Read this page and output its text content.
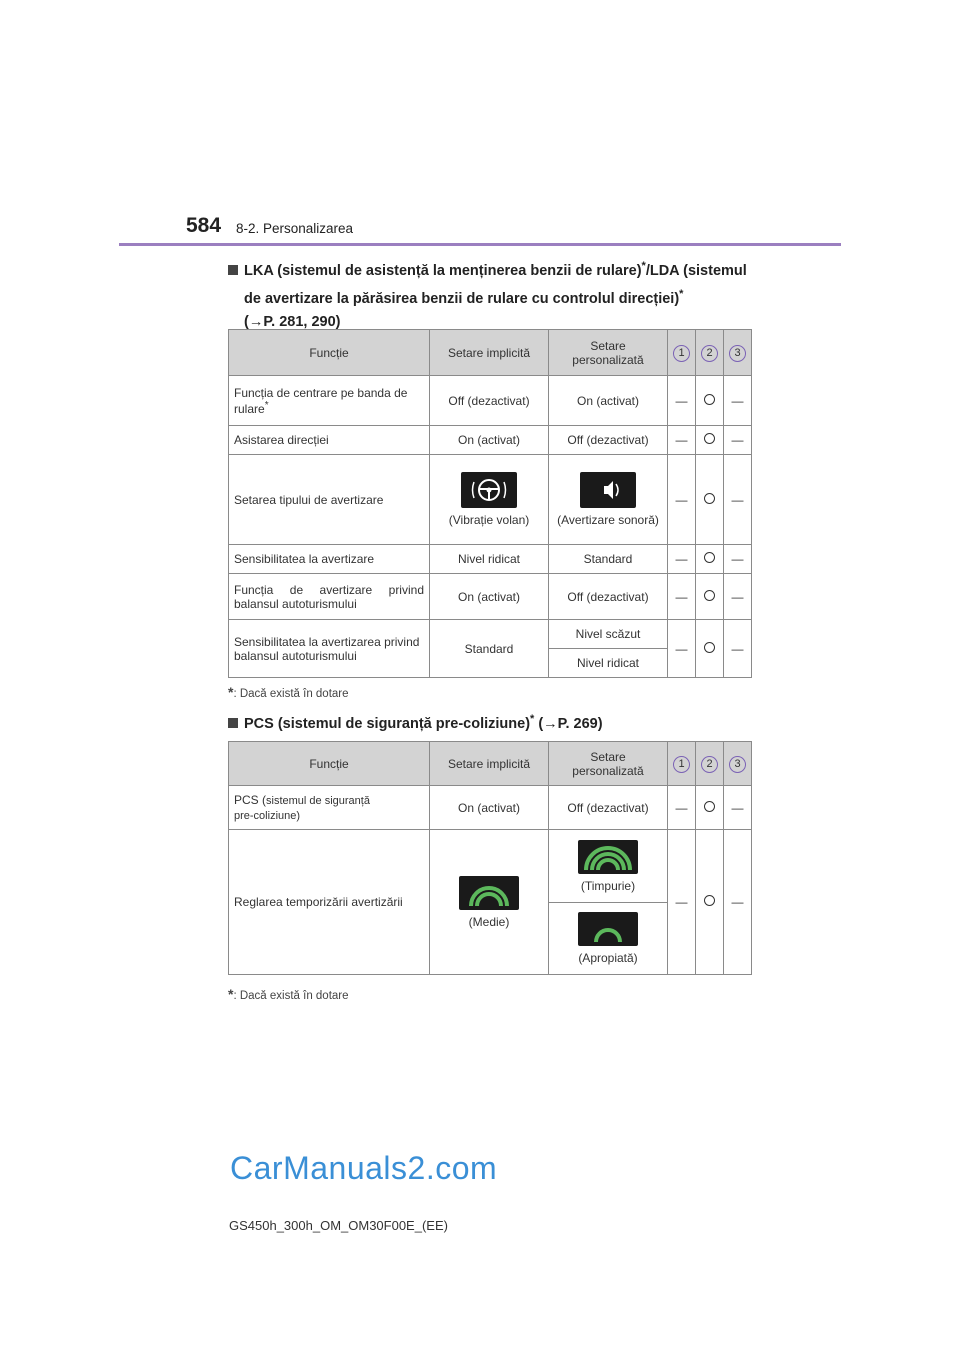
584 8-2. Personalizarea
LKA (sistemul de asistență la menținerea benzii de rulare)*/LDA (sistemul
de avertizare la părăsirea benzii de rulare cu controlul direcției)*
(→P. 281, 290)
Funcție	Setare implicită	Setare personalizată	1	2	3
Funcția de centrare pe banda de rulare*	Off (dezactivat)	On (activat)	—		—
Asistarea direcției	On (activat)	Off (dezactivat)	—		—
Setarea tipului de avertizare	(Vibrație volan)	(Avertizare sonoră)	—		—
Sensibilitatea la avertizare	Nivel ridicat	Standard	—		—
Funcția de avertizare privind balansul autoturismului	On (activat)	Off (dezactivat)	—		—
Sensibilitatea la avertizarea privind balansul autoturismului	Standard	Nivel scăzut	—		—
		Nivel ridicat			
*: Dacă există în dotare
PCS (sistemul de siguranță pre-coliziune)* (→P. 269)
Funcție	Setare implicită	Setare personalizată	1	2	3
PCS (sistemul de siguranță
pre-coliziune)	On (activat)	Off (dezactivat)	—		—
Reglarea temporizării avertizării	(Medie)	(Timpurie)	—		—

		(Apropiată)			
*: Dacă există în dotare
CarManuals2.com
GS450h_300h_OM_OM30F00E_(EE)
